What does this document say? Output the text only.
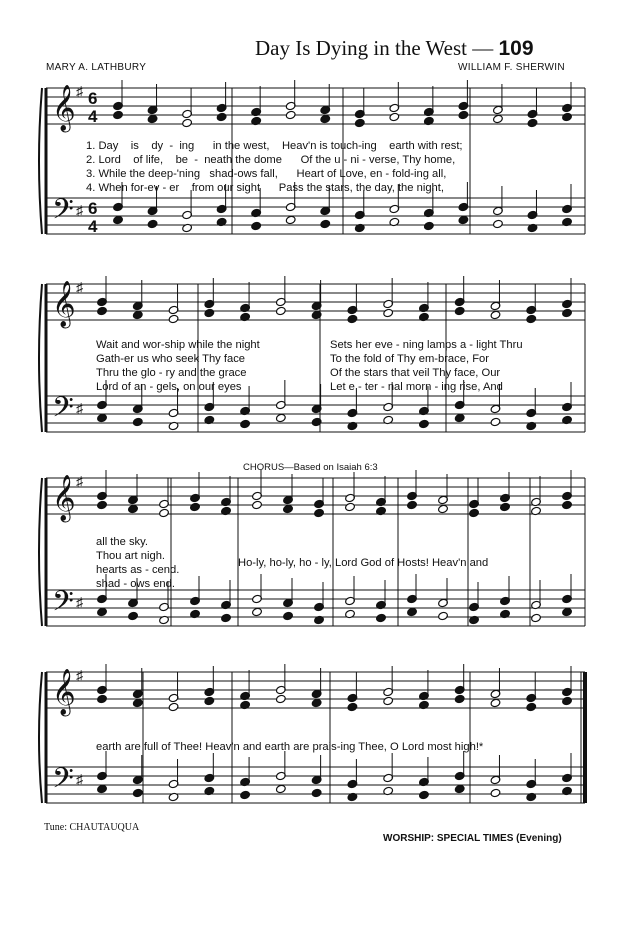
Day Is Dying in the West — 109
MARY A. LATHBURY	WILLIAM F. SHERWIN
𝄞
𝄢
♯
♯
6
4
6
4
𝄞
𝄢
♯
♯
𝄞
𝄢
♯
♯
𝄞
𝄢
♯
♯
1. Day is dy - ing in the west, Heav'n is touch-ing earth with rest;
2. Lord of life, be - neath the dome Of the u - ni - verse, Thy home,
3. While the deep-'ning shad-ows fall, Heart of Love, en - fold-ing all,
4. When for-ev - er from our sight Pass the stars, the day, the night,
Wait and wor-ship while the night
Gath-er us who seek Thy face
Thru the glo - ry and the grace
Lord of an - gels, on our eyes
Sets her eve - ning lamps a - light Thru
To the fold of Thy em-brace, For
Of the stars that veil Thy face, Our
Let e - ter - nal morn - ing rise, And
CHORUS—Based on Isaiah 6:3
all the sky.
Thou art nigh.
hearts as - cend.
shad - ows end.
Ho-ly, ho-ly, ho - ly, Lord God of Hosts! Heav'n and
earth are full of Thee! Heav'n and earth are prais-ing Thee, O Lord most high!*
Tune: CHAUTAUQUA
WORSHIP: SPECIAL TIMES (Evening)
